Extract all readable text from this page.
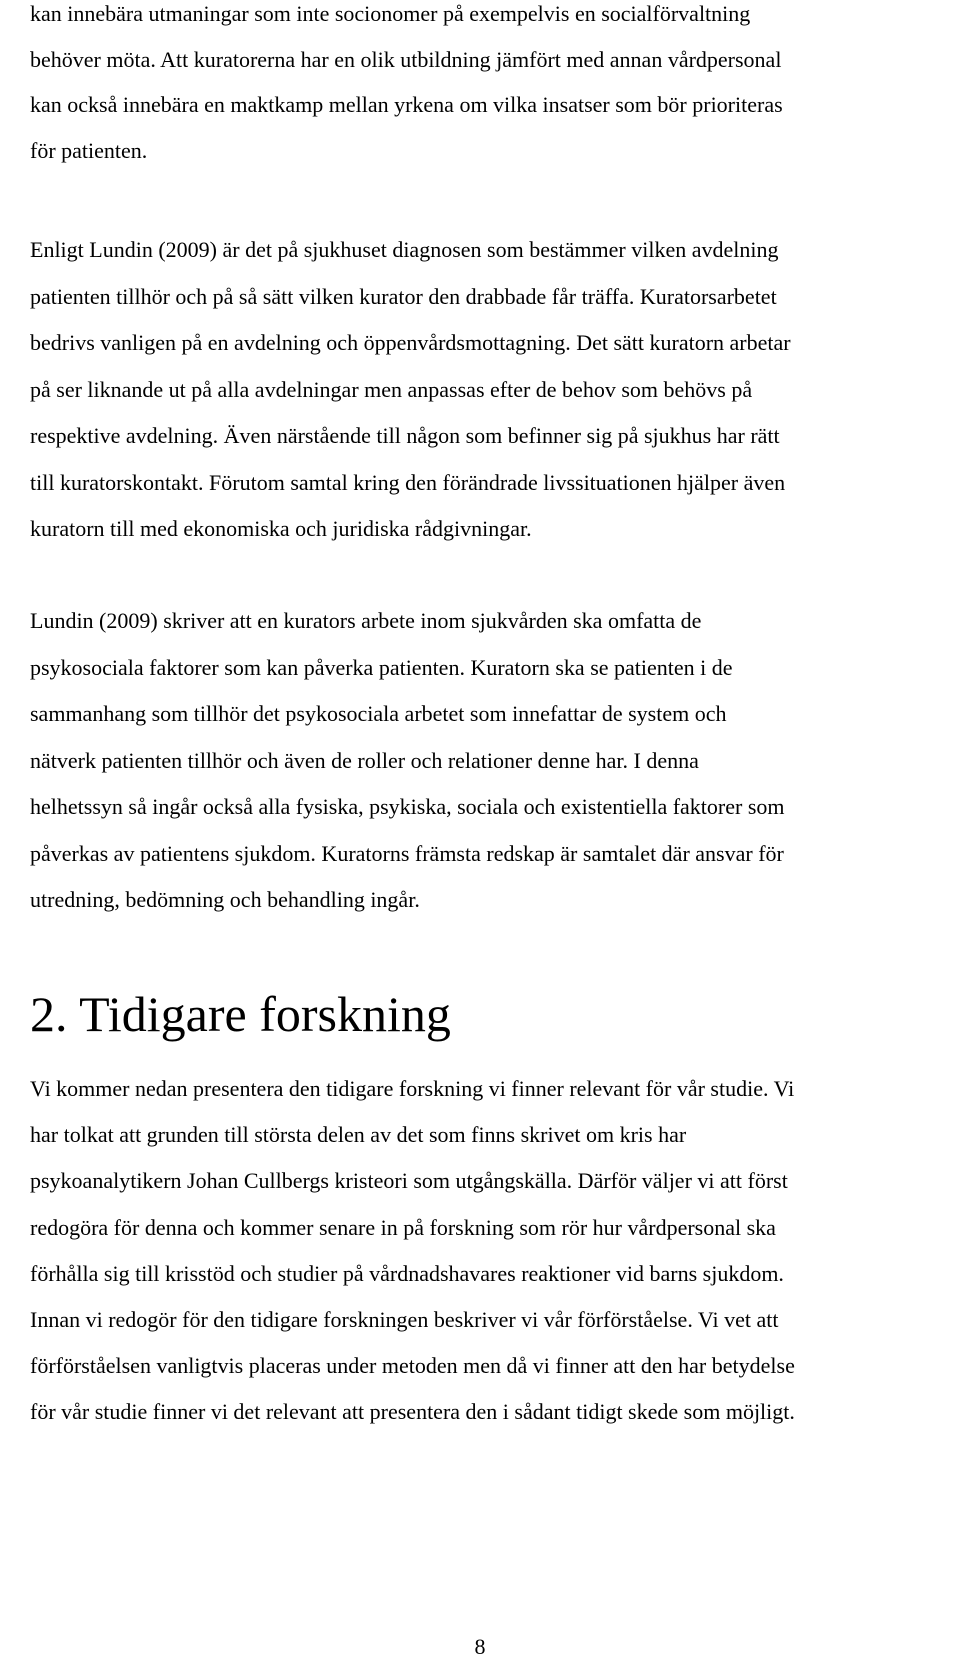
kan innebära utmaningar som inte socionomer på exempelvis en socialförvaltning
behöver möta. Att kuratorerna har en olik utbildning jämfört med annan vårdpersonal
kan också innebära en maktkamp mellan yrkena om vilka insatser som bör prioriteras
för patienten.

Enligt Lundin (2009) är det på sjukhuset diagnosen som bestämmer vilken avdelning
patienten tillhör och på så sätt vilken kurator den drabbade får träffa. Kuratorsarbetet
bedrivs vanligen på en avdelning och öppenvårdsmottagning. Det sätt kuratorn arbetar
på ser liknande ut på alla avdelningar men anpassas efter de behov som behövs på
respektive avdelning. Även närstående till någon som befinner sig på sjukhus har rätt
till kuratorskontakt. Förutom samtal kring den förändrade livssituationen hjälper även
kuratorn till med ekonomiska och juridiska rådgivningar.

Lundin (2009) skriver att en kurators arbete inom sjukvården ska omfatta de
psykosociala faktorer som kan påverka patienten. Kuratorn ska se patienten i de
sammanhang som tillhör det psykosociala arbetet som innefattar de system och
nätverk patienten tillhör och även de roller och relationer denne har. I denna
helhetssyn så ingår också alla fysiska, psykiska, sociala och existentiella faktorer som
påverkas av patientens sjukdom. Kuratorns främsta redskap är samtalet där ansvar för
utredning, bedömning och behandling ingår.

2. Tidigare forskning

Vi kommer nedan presentera den tidigare forskning vi finner relevant för vår studie. Vi
har tolkat att grunden till största delen av det som finns skrivet om kris har
psykoanalytikern Johan Cullbergs kristeori som utgångskälla. Därför väljer vi att först
redogöra för denna och kommer senare in på forskning som rör hur vårdpersonal ska
förhålla sig till krisstöd och studier på vårdnadshavares reaktioner vid barns sjukdom.
Innan vi redogör för den tidigare forskningen beskriver vi vår förförståelse. Vi vet att
förförståelsen vanligtvis placeras under metoden men då vi finner att den har betydelse
för vår studie finner vi det relevant att presentera den i sådant tidigt skede som möjligt.

8
